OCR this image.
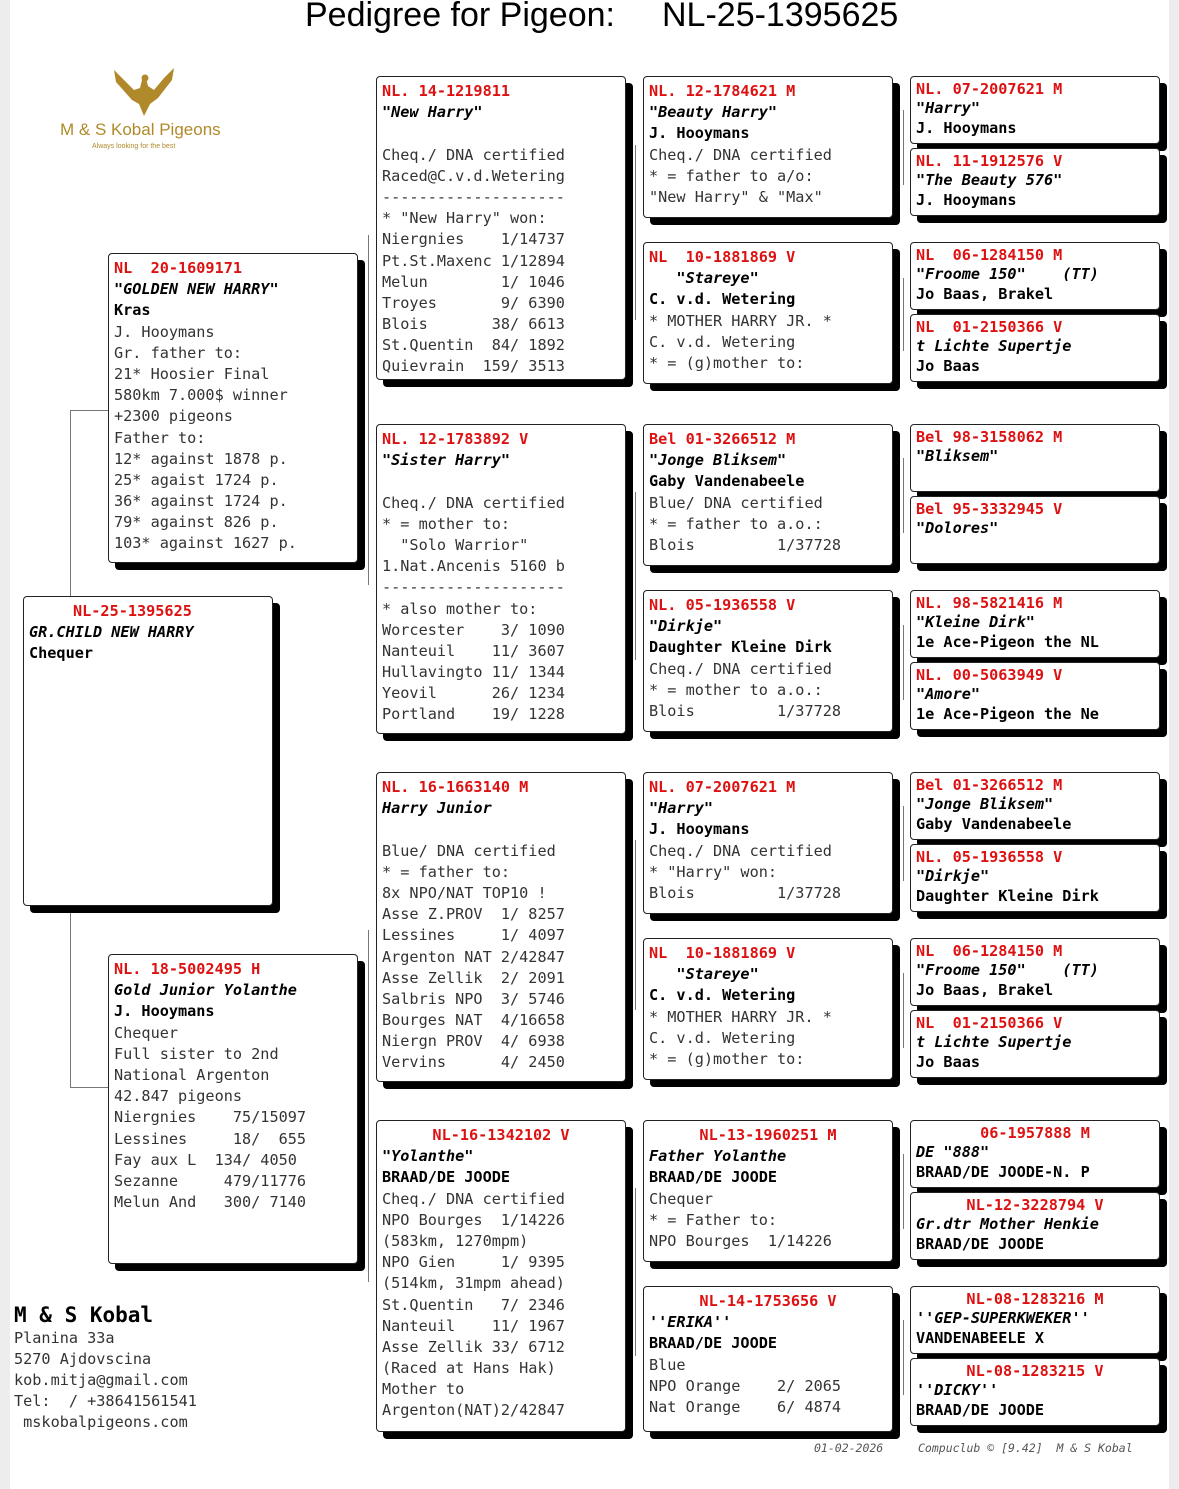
Pedigree for Pigeon: NL-25-1395625
M & S Kobal Pigeons
Always looking for the best
NL-25-1395625
GR.CHILD NEW HARRY
Chequer
NL  20-1609171
"GOLDEN NEW HARRY"
Kras
J. Hooymans
Gr. father to:
21* Hoosier Final
580km 7.000$ winner
+2300 pigeons
Father to:
12* against 1878 p.
25* agaist 1724 p.
36* against 1724 p.
79* against 826 p.
103* against 1627 p.
NL. 18-5002495 H
Gold Junior Yolanthe
J. Hooymans
Chequer
Full sister to 2nd
National Argenton
42.847 pigeons
Niergnies    75/15097
Lessines     18/  655
Fay aux L  134/ 4050
Sezanne     479/11776
Melun And   300/ 7140
NL. 14-1219811
"New Harry"
Cheq./ DNA certified
Raced@C.v.d.Wetering
--------------------
* "New Harry" won:
Niergnies    1/14737
Pt.St.Maxenc 1/12894
Melun        1/ 1046
Troyes       9/ 6390
Blois       38/ 6613
St.Quentin  84/ 1892
Quievrain  159/ 3513
NL. 12-1783892 V
"Sister Harry"
Cheq./ DNA certified
* = mother to:
"Solo Warrior"
1.Nat.Ancenis 5160 b
--------------------
* also mother to:
Worcester    3/ 1090
Nanteuil    11/ 3607
Hullavingto 11/ 1344
Yeovil      26/ 1234
Portland    19/ 1228
NL. 16-1663140 M
Harry Junior
Blue/ DNA certified
* = father to:
8x NPO/NAT TOP10 !
Asse Z.PROV  1/ 8257
Lessines     1/ 4097
Argenton NAT 2/42847
Asse Zellik  2/ 2091
Salbris NPO  3/ 5746
Bourges NAT  4/16658
Niergn PROV  4/ 6938
Vervins      4/ 2450
NL-16-1342102 V
"Yolanthe"
BRAAD/DE JOODE
Cheq./ DNA certified
NPO Bourges  1/14226
(583km, 1270mpm)
NPO Gien     1/ 9395
(514km, 31mpm ahead)
St.Quentin   7/ 2346
Nanteuil    11/ 1967
Asse Zellik 33/ 6712
(Raced at Hans Hak)
Mother to
Argenton(NAT)2/42847
NL. 12-1784621 M
"Beauty Harry"
J. Hooymans
Cheq./ DNA certified
* = father to a/o:
"New Harry" & "Max"
NL  10-1881869 V
"Stareye"
C. v.d. Wetering
* MOTHER HARRY JR. *
C. v.d. Wetering
* = (g)mother to:
Bel 01-3266512 M
"Jonge Bliksem"
Gaby Vandenabeele
Blue/ DNA certified
* = father to a.o.:
Blois         1/37728
NL. 05-1936558 V
"Dirkje"
Daughter Kleine Dirk
Cheq./ DNA certified
* = mother to a.o.:
Blois         1/37728
NL. 07-2007621 M
"Harry"
J. Hooymans
Cheq./ DNA certified
* "Harry" won:
Blois         1/37728
NL  10-1881869 V
"Stareye"
C. v.d. Wetering
* MOTHER HARRY JR. *
C. v.d. Wetering
* = (g)mother to:
NL-13-1960251 M
Father Yolanthe
BRAAD/DE JOODE
Chequer
* = Father to:
NPO Bourges  1/14226
NL-14-1753656 V
''ERIKA''
BRAAD/DE JOODE
Blue
NPO Orange    2/ 2065
Nat Orange    6/ 4874
NL. 07-2007621 M
"Harry"
J. Hooymans
NL. 11-1912576 V
"The Beauty 576"
J. Hooymans
NL  06-1284150 M
"Froome 150"    (TT)
Jo Baas, Brakel
NL  01-2150366 V
t Lichte Supertje
Jo Baas
Bel 98-3158062 M
"Bliksem"
Bel 95-3332945 V
"Dolores"
NL. 98-5821416 M
"Kleine Dirk"
1e Ace-Pigeon the NL
NL. 00-5063949 V
"Amore"
1e Ace-Pigeon the Ne
Bel 01-3266512 M
"Jonge Bliksem"
Gaby Vandenabeele
NL. 05-1936558 V
"Dirkje"
Daughter Kleine Dirk
NL  06-1284150 M
"Froome 150"    (TT)
Jo Baas, Brakel
NL  01-2150366 V
t Lichte Supertje
Jo Baas
06-1957888 M
DE "888"
BRAAD/DE JOODE-N. P
NL-12-3228794 V
Gr.dtr Mother Henkie
BRAAD/DE JOODE
NL-08-1283216 M
''GEP-SUPERKWEKER''
VANDENABEELE X
NL-08-1283215 V
''DICKY''
BRAAD/DE JOODE
M & S Kobal
Planina 33a
5270 Ajdovscina
kob.mitja@gmail.com
Tel:  / +38641561541
mskobalpigeons.com
01-02-2026	Compuclub © [9.42]  M & S Kobal
